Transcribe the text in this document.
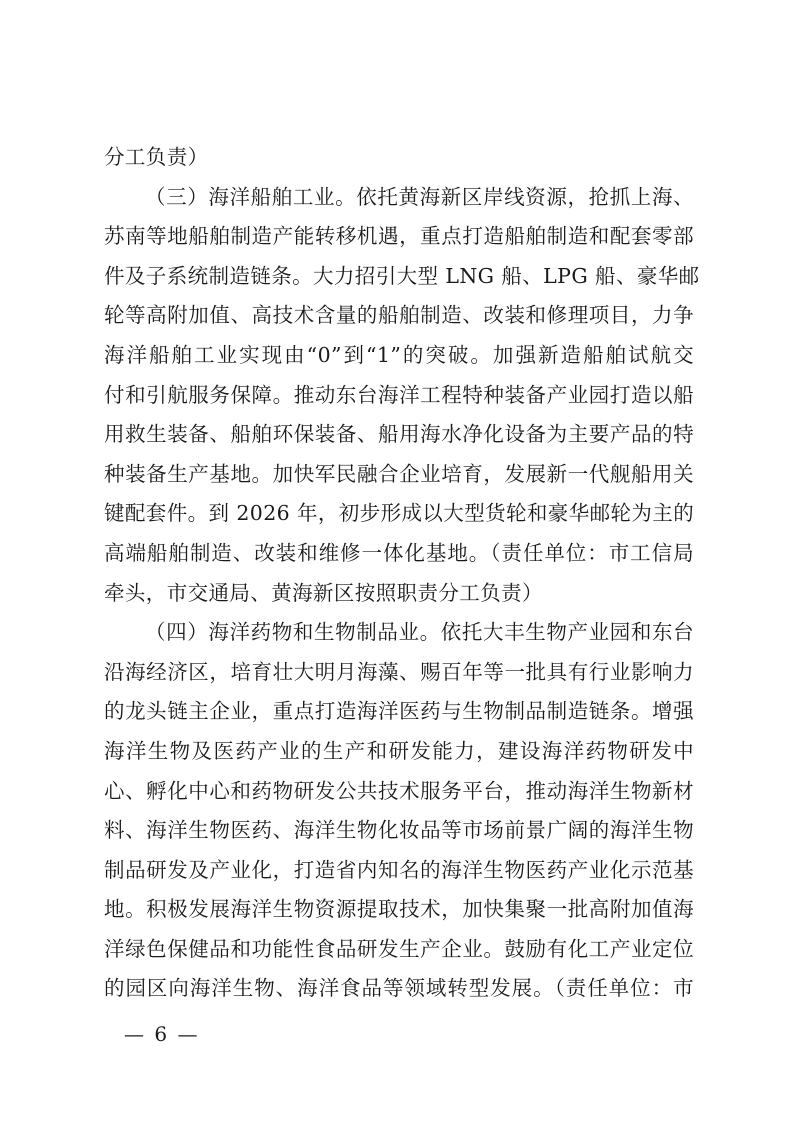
分工负责）
（三）海洋船舶工业。依托黄海新区岸线资源，抢抓上海、
苏南等地船舶制造产能转移机遇，重点打造船舶制造和配套零部
件及子系统制造链条。大力招引大型 LNG 船、LPG 船、豪华邮
轮等高附加值、高技术含量的船舶制造、改装和修理项目，力争
海洋船舶工业实现由“0”到“1”的突破。加强新造船舶试航交
付和引航服务保障。推动东台海洋工程特种装备产业园打造以船
用救生装备、船舶环保装备、船用海水净化设备为主要产品的特
种装备生产基地。加快军民融合企业培育，发展新一代舰船用关
键配套件。到 2026 年，初步形成以大型货轮和豪华邮轮为主的
高端船舶制造、改装和维修一体化基地。（责任单位：市工信局
牵头，市交通局、黄海新区按照职责分工负责）
（四）海洋药物和生物制品业。依托大丰生物产业园和东台
沿海经济区，培育壮大明月海藻、赐百年等一批具有行业影响力
的龙头链主企业，重点打造海洋医药与生物制品制造链条。增强
海洋生物及医药产业的生产和研发能力，建设海洋药物研发中
心、孵化中心和药物研发公共技术服务平台，推动海洋生物新材
料、海洋生物医药、海洋生物化妆品等市场前景广阔的海洋生物
制品研发及产业化，打造省内知名的海洋生物医药产业化示范基
地。积极发展海洋生物资源提取技术，加快集聚一批高附加值海
洋绿色保健品和功能性食品研发生产企业。鼓励有化工产业定位
的园区向海洋生物、海洋食品等领域转型发展。（责任单位：市
— 6 —
